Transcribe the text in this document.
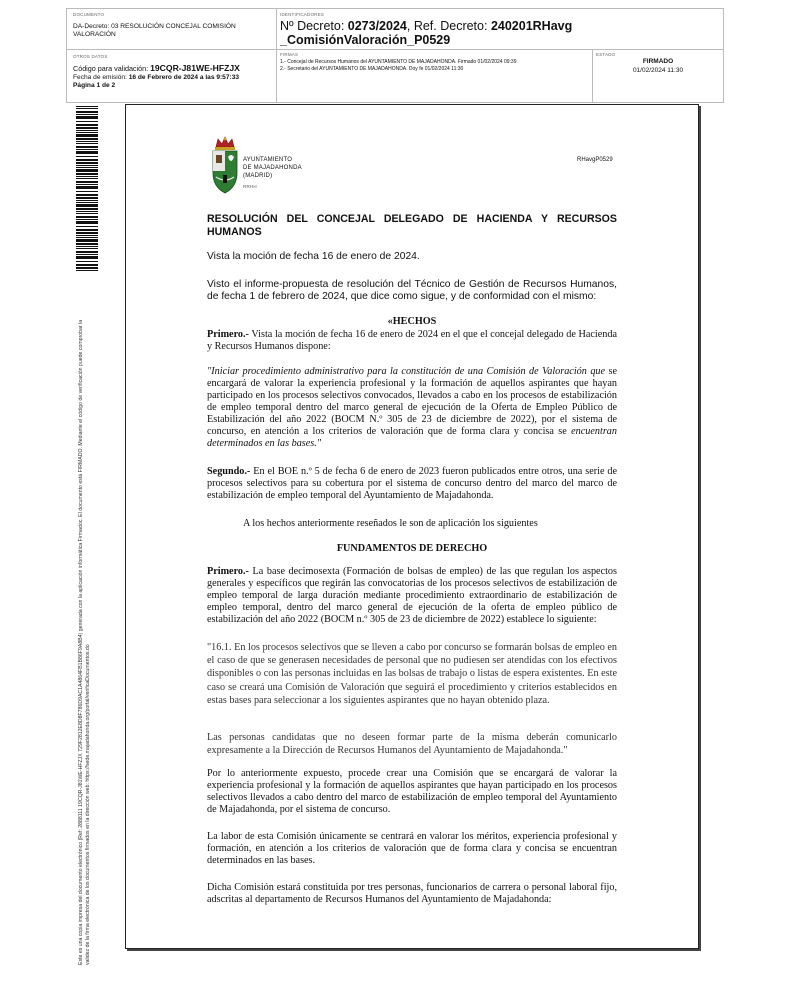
DOCUMENTO
DA-Decreto: 03 RESOLUCIÓN CONCEJAL COMISIÓN VALORACIÓN
IDENTIFICADORES
Nº Decreto: 0273/2024, Ref. Decreto: 240201RHavg
_ComisiónValoración_P0529
OTROS DATOS
Código para validación: 19CQR-J81WE-HFZJX
Fecha de emisión: 16 de Febrero de 2024 a las 9:57:33
Página 1 de 2
FIRMAS
1.- Concejal de Recursos Humanos del AYUNTAMIENTO DE MAJADAHONDA. Firmado 01/02/2024 09:39
2.- Secretario del AYUNTAMIENTO DE MAJADAHONDA. Doy fe 01/02/2024 11:30
ESTADO
FIRMADO
01/02/2024 11:30
Este es una copia impresa del documento electrónico (Ref: 2888111 19CQR-J81WE-HFZJX 729F2812E8D8F786D9AC1A4864FB1B86F9A8B4) generada con la aplicación informática Firmadoc. El documento está FIRMADO. Mediante el código de verificación puede comprobar la validez de la firma electrónica de los documentos firmados en la dirección web: https://sede.majadahonda.org/portal/verificaDocumentos.do
AYUNTAMIENTO
DE MAJADAHONDA
(MADRID)
RRHH
RHavgP0529
RESOLUCIÓN DEL CONCEJAL DELEGADO DE HACIENDA Y RECURSOS HUMANOS
Vista la moción de fecha 16 de enero de 2024.
Visto el informe-propuesta de resolución del Técnico de Gestión de Recursos Humanos, de fecha 1 de febrero de 2024, que dice como sigue, y de conformidad con el mismo:
«HECHOS
Primero.- Vista la moción de fecha 16 de enero de 2024 en el que el concejal delegado de Hacienda y Recursos Humanos dispone:
"Iniciar procedimiento administrativo para la constitución de una Comisión de Valoración que se encargará de valorar la experiencia profesional y la formación de aquellos aspirantes que hayan participado en los procesos selectivos convocados, llevados a cabo en los procesos de estabilización de empleo temporal dentro del marco general de ejecución de la Oferta de Empleo Público de Estabilización del año 2022 (BOCM N.º 305 de 23 de diciembre de 2022), por el sistema de concurso, en atención a los criterios de valoración que de forma clara y concisa se encuentran determinados en las bases."
Segundo.- En el BOE n.º 5 de fecha 6 de enero de 2023 fueron publicados entre otros, una serie de procesos selectivos para su cobertura por el sistema de concurso dentro del marco del marco de estabilización de empleo temporal del Ayuntamiento de Majadahonda.
A los hechos anteriormente reseñados le son de aplicación los siguientes
FUNDAMENTOS DE DERECHO
Primero.- La base decimosexta (Formación de bolsas de empleo) de las que regulan los aspectos generales y específicos que regirán las convocatorias de los procesos selectivos de estabilización de empleo temporal de larga duración mediante procedimiento extraordinario de estabilización de empleo temporal, dentro del marco general de ejecución de la oferta de empleo público de estabilización del año 2022 (BOCM n.º 305 de 23 de diciembre de 2022) establece lo siguiente:
"16.1. En los procesos selectivos que se lleven a cabo por concurso se formarán bolsas de empleo en el caso de que se generasen necesidades de personal que no pudiesen ser atendidas con los efectivos disponibles o con las personas incluidas en las bolsas de trabajo o listas de espera existentes. En este caso se creará una Comisión de Valoración que seguirá el procedimiento y criterios establecidos en estas bases para seleccionar a los siguientes aspirantes que no hayan obtenido plaza.
Las personas candidatas que no deseen formar parte de la misma deberán comunicarlo expresamente a la Dirección de Recursos Humanos del Ayuntamiento de Majadahonda."
Por lo anteriormente expuesto, procede crear una Comisión que se encargará de valorar la experiencia profesional y la formación de aquellos aspirantes que hayan participado en los procesos selectivos llevados a cabo dentro del marco de estabilización de empleo temporal del Ayuntamiento de Majadahonda, por el sistema de concurso.
La labor de esta Comisión únicamente se centrará en valorar los méritos, experiencia profesional y formación, en atención a los criterios de valoración que de forma clara y concisa se encuentran determinados en las bases.
Dicha Comisión estará constituida por tres personas, funcionarios de carrera o personal laboral fijo, adscritas al departamento de Recursos Humanos del Ayuntamiento de Majadahonda:
